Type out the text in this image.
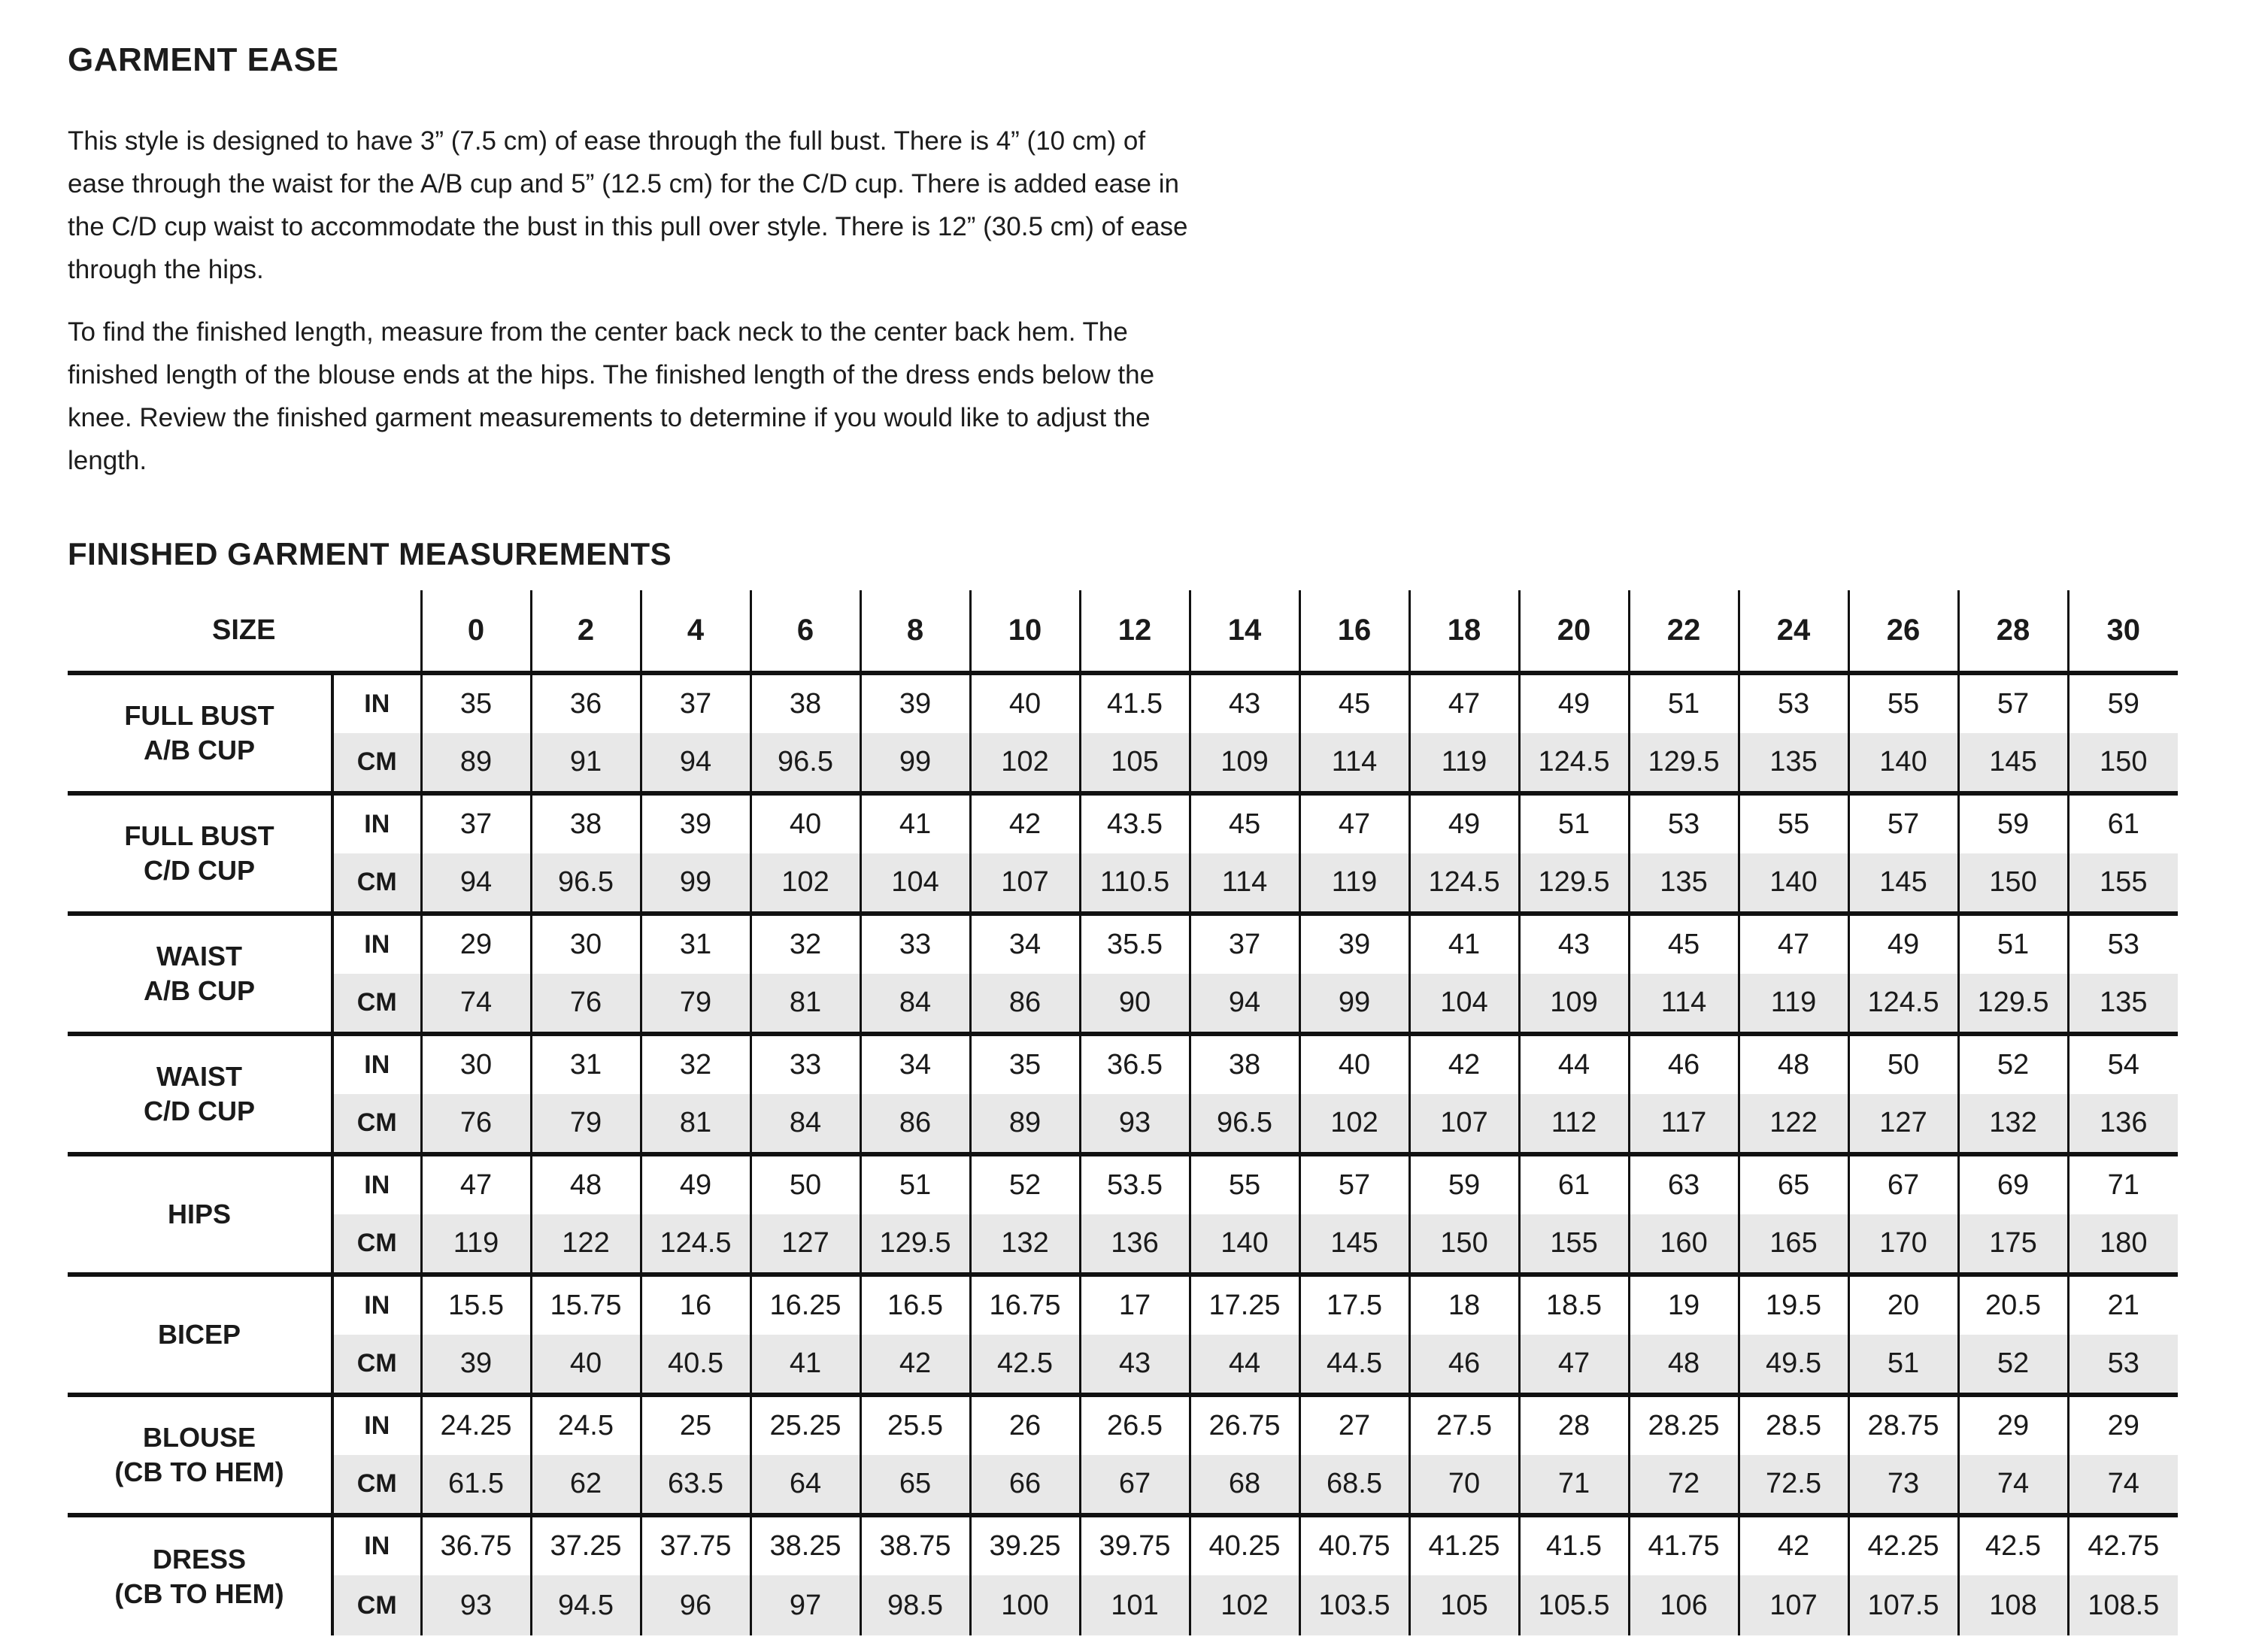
GARMENT EASE

This style is designed to have 3” (7.5 cm) of ease through the full bust. There is 4” (10 cm) of
ease through the waist for the A/B cup and 5” (12.5 cm) for the C/D cup. There is added ease in
the C/D cup waist to accommodate the bust in this pull over style. There is 12” (30.5 cm) of ease
through the hips.

To find the finished length, measure from the center back neck to the center back hem. The
finished length of the blouse ends at the hips. The finished length of the dress ends below the
knee. Review the finished garment measurements to determine if you would like to adjust the
length.

FINISHED GARMENT MEASUREMENTS
SIZE		0	2	4	6	8	10	12	14	16	18	20	22	24	26	28	30

FULL BUST
A/B CUP	IN	35	36	37	38	39	40	41.5	43	45	47	49	51	53	55	57	59
	CM	89	91	94	96.5	99	102	105	109	114	119	124.5	129.5	135	140	145	150

FULL BUST
C/D CUP	IN	37	38	39	40	41	42	43.5	45	47	49	51	53	55	57	59	61
	CM	94	96.5	99	102	104	107	110.5	114	119	124.5	129.5	135	140	145	150	155

WAIST
A/B CUP	IN	29	30	31	32	33	34	35.5	37	39	41	43	45	47	49	51	53
	CM	74	76	79	81	84	86	90	94	99	104	109	114	119	124.5	129.5	135

WAIST
C/D CUP	IN	30	31	32	33	34	35	36.5	38	40	42	44	46	48	50	52	54
	CM	76	79	81	84	86	89	93	96.5	102	107	112	117	122	127	132	136

HIPS	IN	47	48	49	50	51	52	53.5	55	57	59	61	63	65	67	69	71
	CM	119	122	124.5	127	129.5	132	136	140	145	150	155	160	165	170	175	180

BICEP	IN	15.5	15.75	16	16.25	16.5	16.75	17	17.25	17.5	18	18.5	19	19.5	20	20.5	21
	CM	39	40	40.5	41	42	42.5	43	44	44.5	46	47	48	49.5	51	52	53

BLOUSE
(CB TO HEM)	IN	24.25	24.5	25	25.25	25.5	26	26.5	26.75	27	27.5	28	28.25	28.5	28.75	29	29
	CM	61.5	62	63.5	64	65	66	67	68	68.5	70	71	72	72.5	73	74	74

DRESS
(CB TO HEM)	IN	36.75	37.25	37.75	38.25	38.75	39.25	39.75	40.25	40.75	41.25	41.5	41.75	42	42.25	42.5	42.75
	CM	93	94.5	96	97	98.5	100	101	102	103.5	105	105.5	106	107	107.5	108	108.5
